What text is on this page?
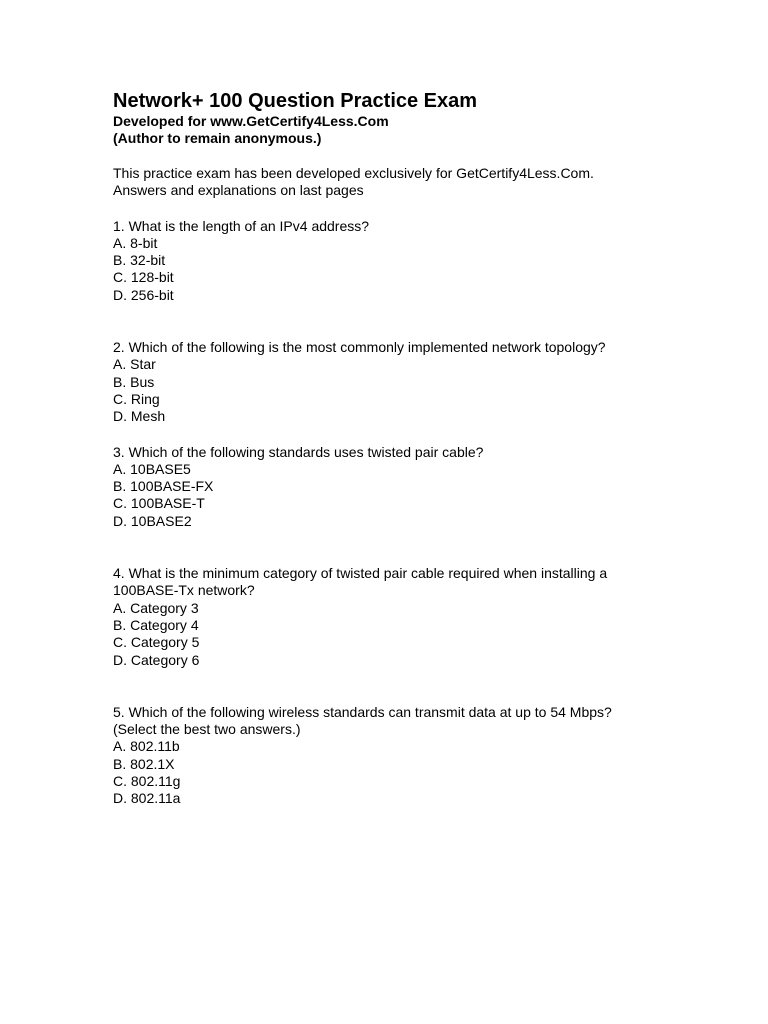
Network+ 100 Question Practice Exam
Developed for www.GetCertify4Less.Com
(Author to remain anonymous.)
This practice exam has been developed exclusively for GetCertify4Less.Com.
Answers and explanations on last pages
1. What is the length of an IPv4 address?
A. 8-bit
B. 32-bit
C. 128-bit
D. 256-bit
2. Which of the following is the most commonly implemented network topology?
A. Star
B. Bus
C. Ring
D. Mesh
3. Which of the following standards uses twisted pair cable?
A. 10BASE5
B. 100BASE-FX
C. 100BASE-T
D. 10BASE2
4. What is the minimum category of twisted pair cable required when installing a
100BASE-Tx network?
A. Category 3
B. Category 4
C. Category 5
D. Category 6
5. Which of the following wireless standards can transmit data at up to 54 Mbps?
(Select the best two answers.)
A. 802.11b
B. 802.1X
C. 802.11g
D. 802.11a
